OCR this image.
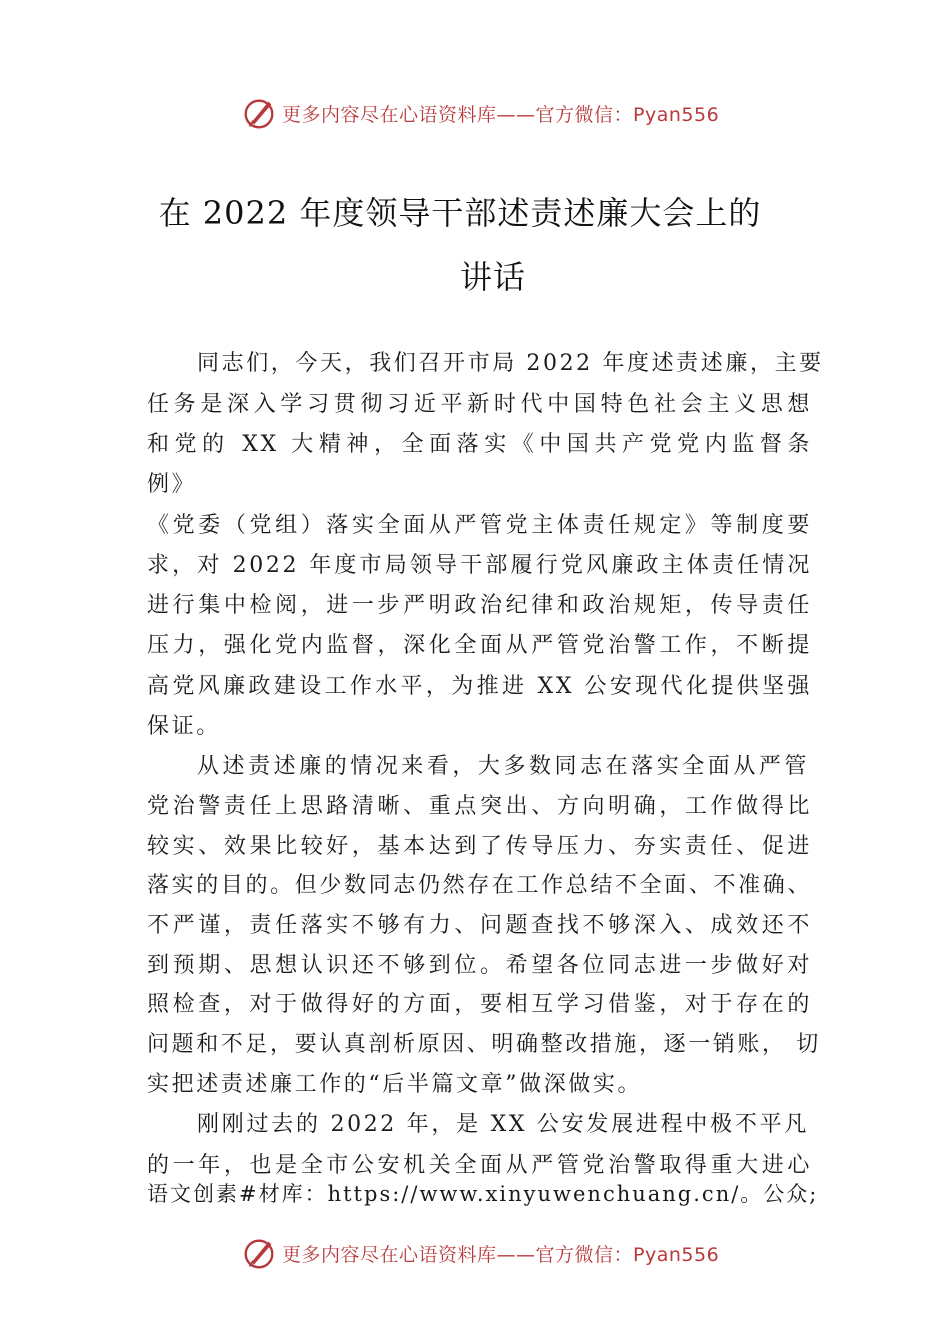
更多内容尽在心语资料库——官方微信：Pyan556
在 2022 年度领导干部述责述廉大会上的
讲话
同志们，今天，我们召开市局 2022 年度述责述廉，主要
任务是深入学习贯彻习近平新时代中国特色社会主义思想
和党的 XX 大精神，全面落实《中国共产党党内监督条
例》
《党委（党组）落实全面从严管党主体责任规定》等制度要
求，对 2022 年度市局领导干部履行党风廉政主体责任情况
进行集中检阅，进一步严明政治纪律和政治规矩，传导责任
压力，强化党内监督，深化全面从严管党治警工作，不断提
高党风廉政建设工作水平，为推进 XX 公安现代化提供坚强
保证。
从述责述廉的情况来看，大多数同志在落实全面从严管
党治警责任上思路清晰、重点突出、方向明确，工作做得比
较实、效果比较好，基本达到了传导压力、夯实责任、促进
落实的目的。但少数同志仍然存在工作总结不全面、不准确、
不严谨，责任落实不够有力、问题查找不够深入、成效还不
到预期、思想认识还不够到位。希望各位同志进一步做好对
照检查，对于做得好的方面，要相互学习借鉴，对于存在的
问题和不足，要认真剖析原因、明确整改措施，逐一销账， 切
实把述责述廉工作的“后半篇文章”做深做实。
刚刚过去的 2022 年，是 XX 公安发展进程中极不平凡
的一年，也是全市公安机关全面从严管党治警取得重大进心
语文创素#材库：https://www.xinyuwenchuang.cn/。公众;
更多内容尽在心语资料库——官方微信：Pyan556
